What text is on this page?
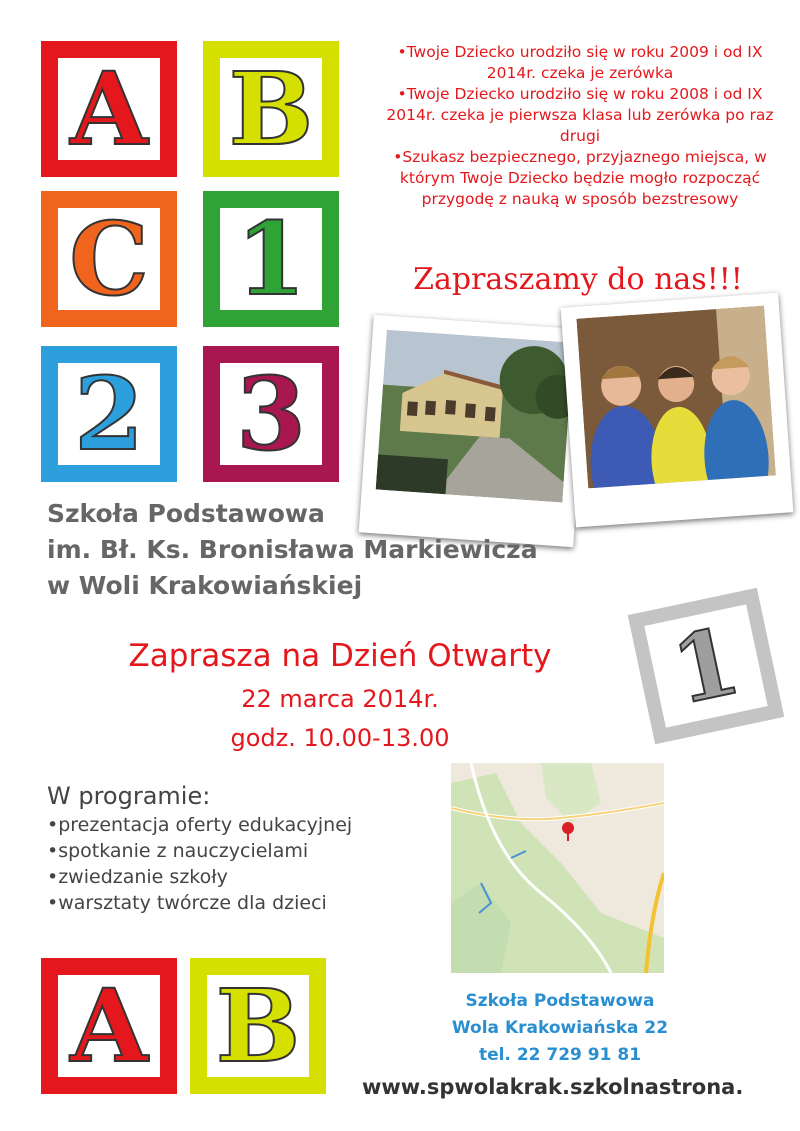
A B
C 1
2 3
1
A B

•Twoje Dziecko urodziło się w roku 2009 i od IX 2014r. czeka je zerówka

•Twoje Dziecko urodziło się w roku 2008 i od IX 2014r. czeka je pierwsza klasa lub zerówka po raz drugi

•Szukasz bezpiecznego, przyjaznego miejsca, w którym Twoje Dziecko będzie mogło rozpocząć przygodę z nauką w sposób bezstresowy

Zapraszamy do nas!!!
Szkoła Podstawowa
im. Bł. Ks. Bronisława Markiewicza
w Woli Krakowiańskiej
Zaprasza na Dzień Otwarty
22 marca 2014r.
godz. 10.00-13.00
W programie:
•prezentacja oferty edukacyjnej
•spotkanie z nauczycielami
•zwiedzanie szkoły
•warsztaty twórcze dla dzieci
Szkoła Podstawowa
Wola Krakowiańska 22
tel. 22 729 91 81
www.spwolakrak.szkolnastrona.
